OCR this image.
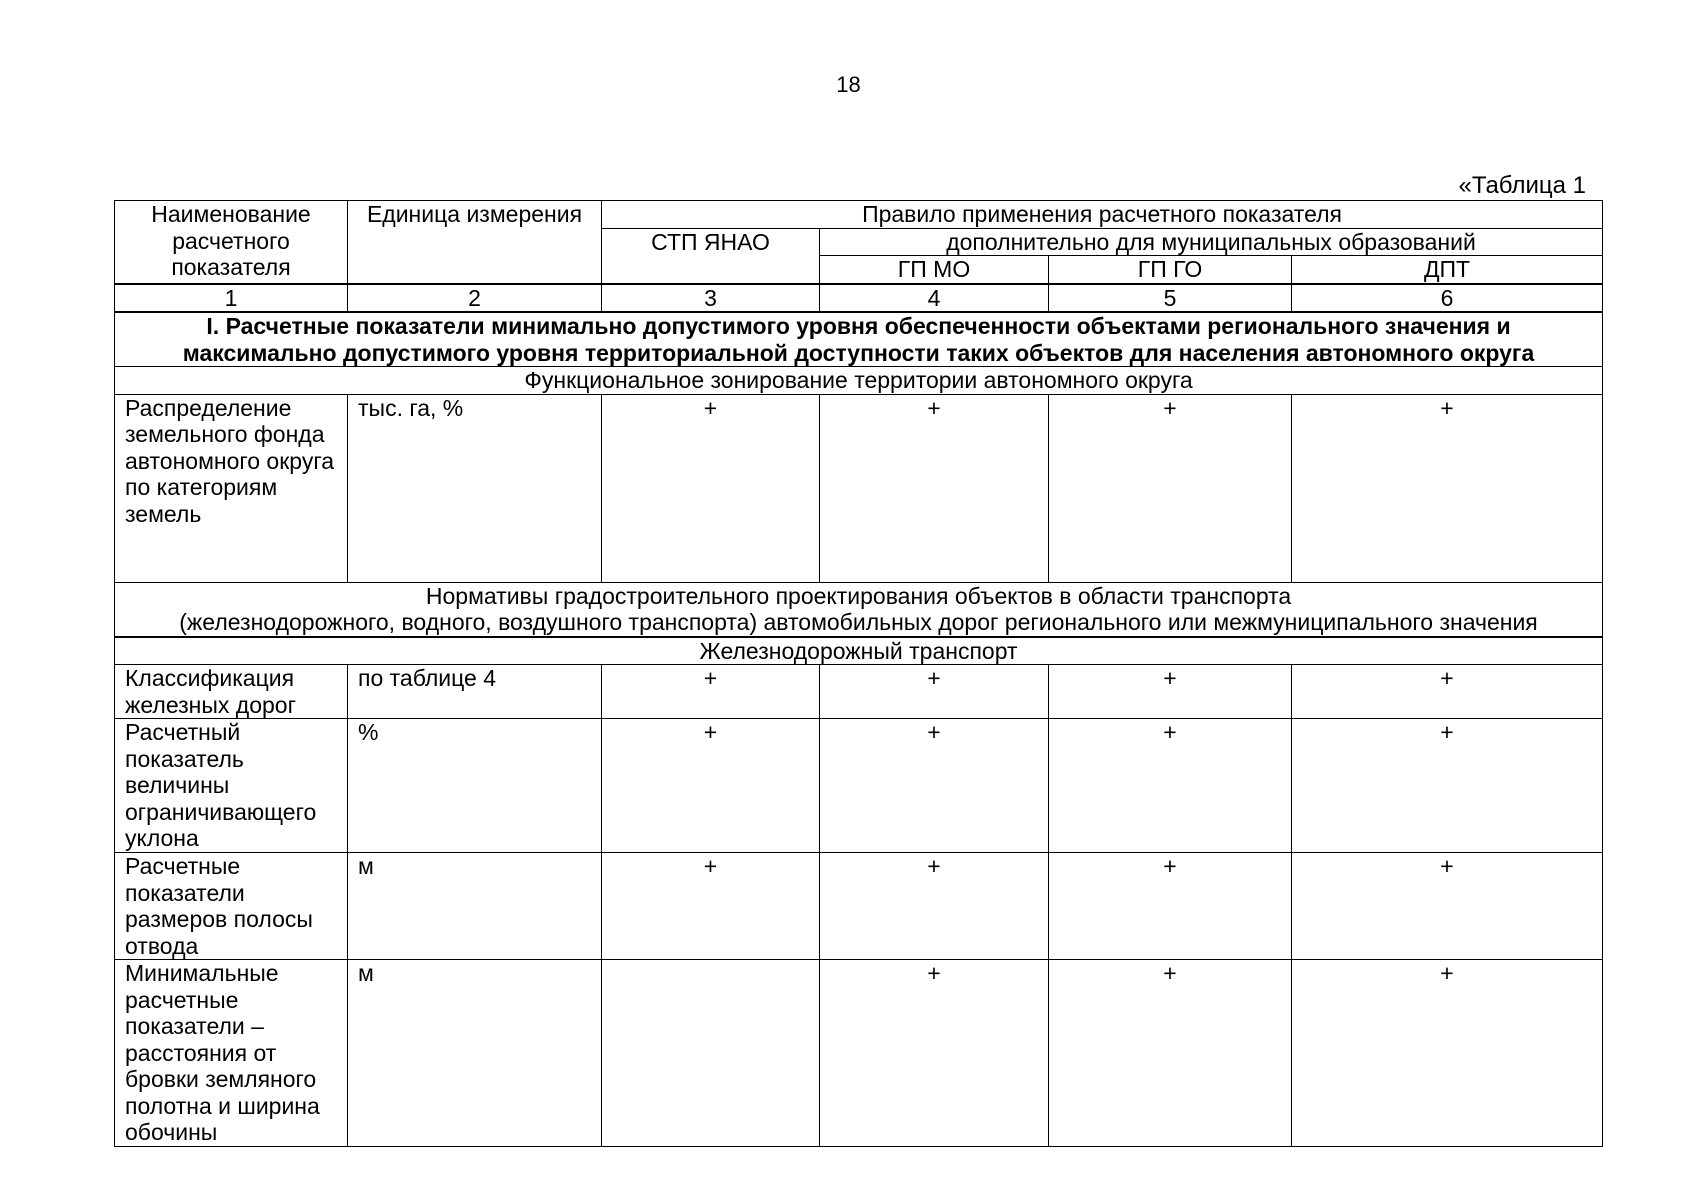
18
«Таблица 1
Наименование расчетного показателя	Единица измерения	Правило применения расчетного показателя			
		СТП ЯНАО	дополнительно для муниципальных образований		
			ГП МО	ГП ГО	ДПТ
1	2	3	4	5	6
I. Расчетные показатели минимально допустимого уровня обеспеченности объектами регионального значения и максимально допустимого уровня территориальной доступности таких объектов для населения автономного округа					
Функциональное зонирование территории автономного округа					
Распределение земельного фонда автономного округа по категориям земель	тыс. га, %	+	+	+	+

Нормативы градостроительного проектирования объектов в области транспорта
(железнодорожного, водного, воздушного транспорта) автомобильных дорог регионального или межмуниципального значения					

Железнодорожный транспорт					
Классификация железных дорог	по таблице 4	+	+	+	+
Расчетный показатель величины ограничивающего уклона	%	+	+	+	+
Расчетные показатели размеров полосы отвода	м	+	+	+	+
Минимальные расчетные показатели – расстояния от бровки земляного полотна и ширина обочины	м		+	+	+
